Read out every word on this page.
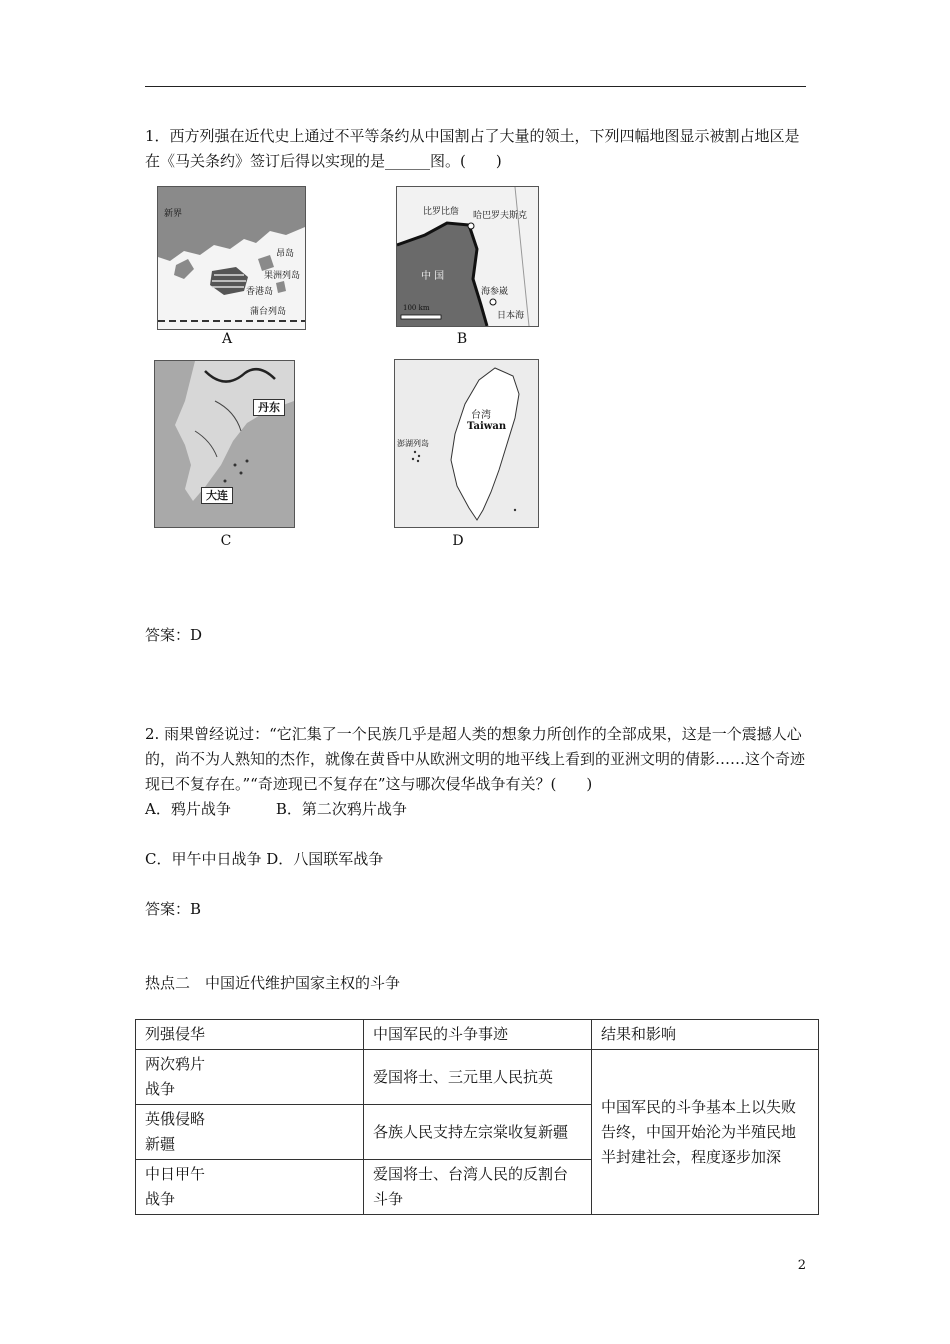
1．西方列强在近代史上通过不平等条约从中国割占了大量的领土，下列四幅地图显示被割占地区是在《马关条约》签订后得以实现的是______图。(　　)
新界
昂岛
香港岛
蒲台列岛
果洲列岛
A
比罗比詹 哈巴罗夫斯克
中 国
海参崴
日本海
100 km
B
丹东
大连
C
台湾
Taiwan
澎湖列岛
D
答案：D
2. 雨果曾经说过：“它汇集了一个民族几乎是超人类的想象力所创作的全部成果，这是一个震撼人心的，尚不为人熟知的杰作，就像在黄昏中从欧洲文明的地平线上看到的亚洲文明的倩影……这个奇迹现已不复存在。”“奇迹现已不复存在”这与哪次侵华战争有关？(　　)
A．鸦片战争　　　B．第二次鸦片战争
C．甲午中日战争 D．八国联军战争
答案：B
热点二　中国近代维护国家主权的斗争
列强侵华	中国军民的斗争事迹	结果和影响

两次鸦片战争	爱国将士、三元里人民抗英	中国军民的斗争基本上以失败告终，中国开始沦为半殖民地半封建社会，程度逐步加深

英俄侵略新疆	各族人民支持左宗棠收复新疆	

中日甲午战争	爱国将士、台湾人民的反割台斗争	
2
